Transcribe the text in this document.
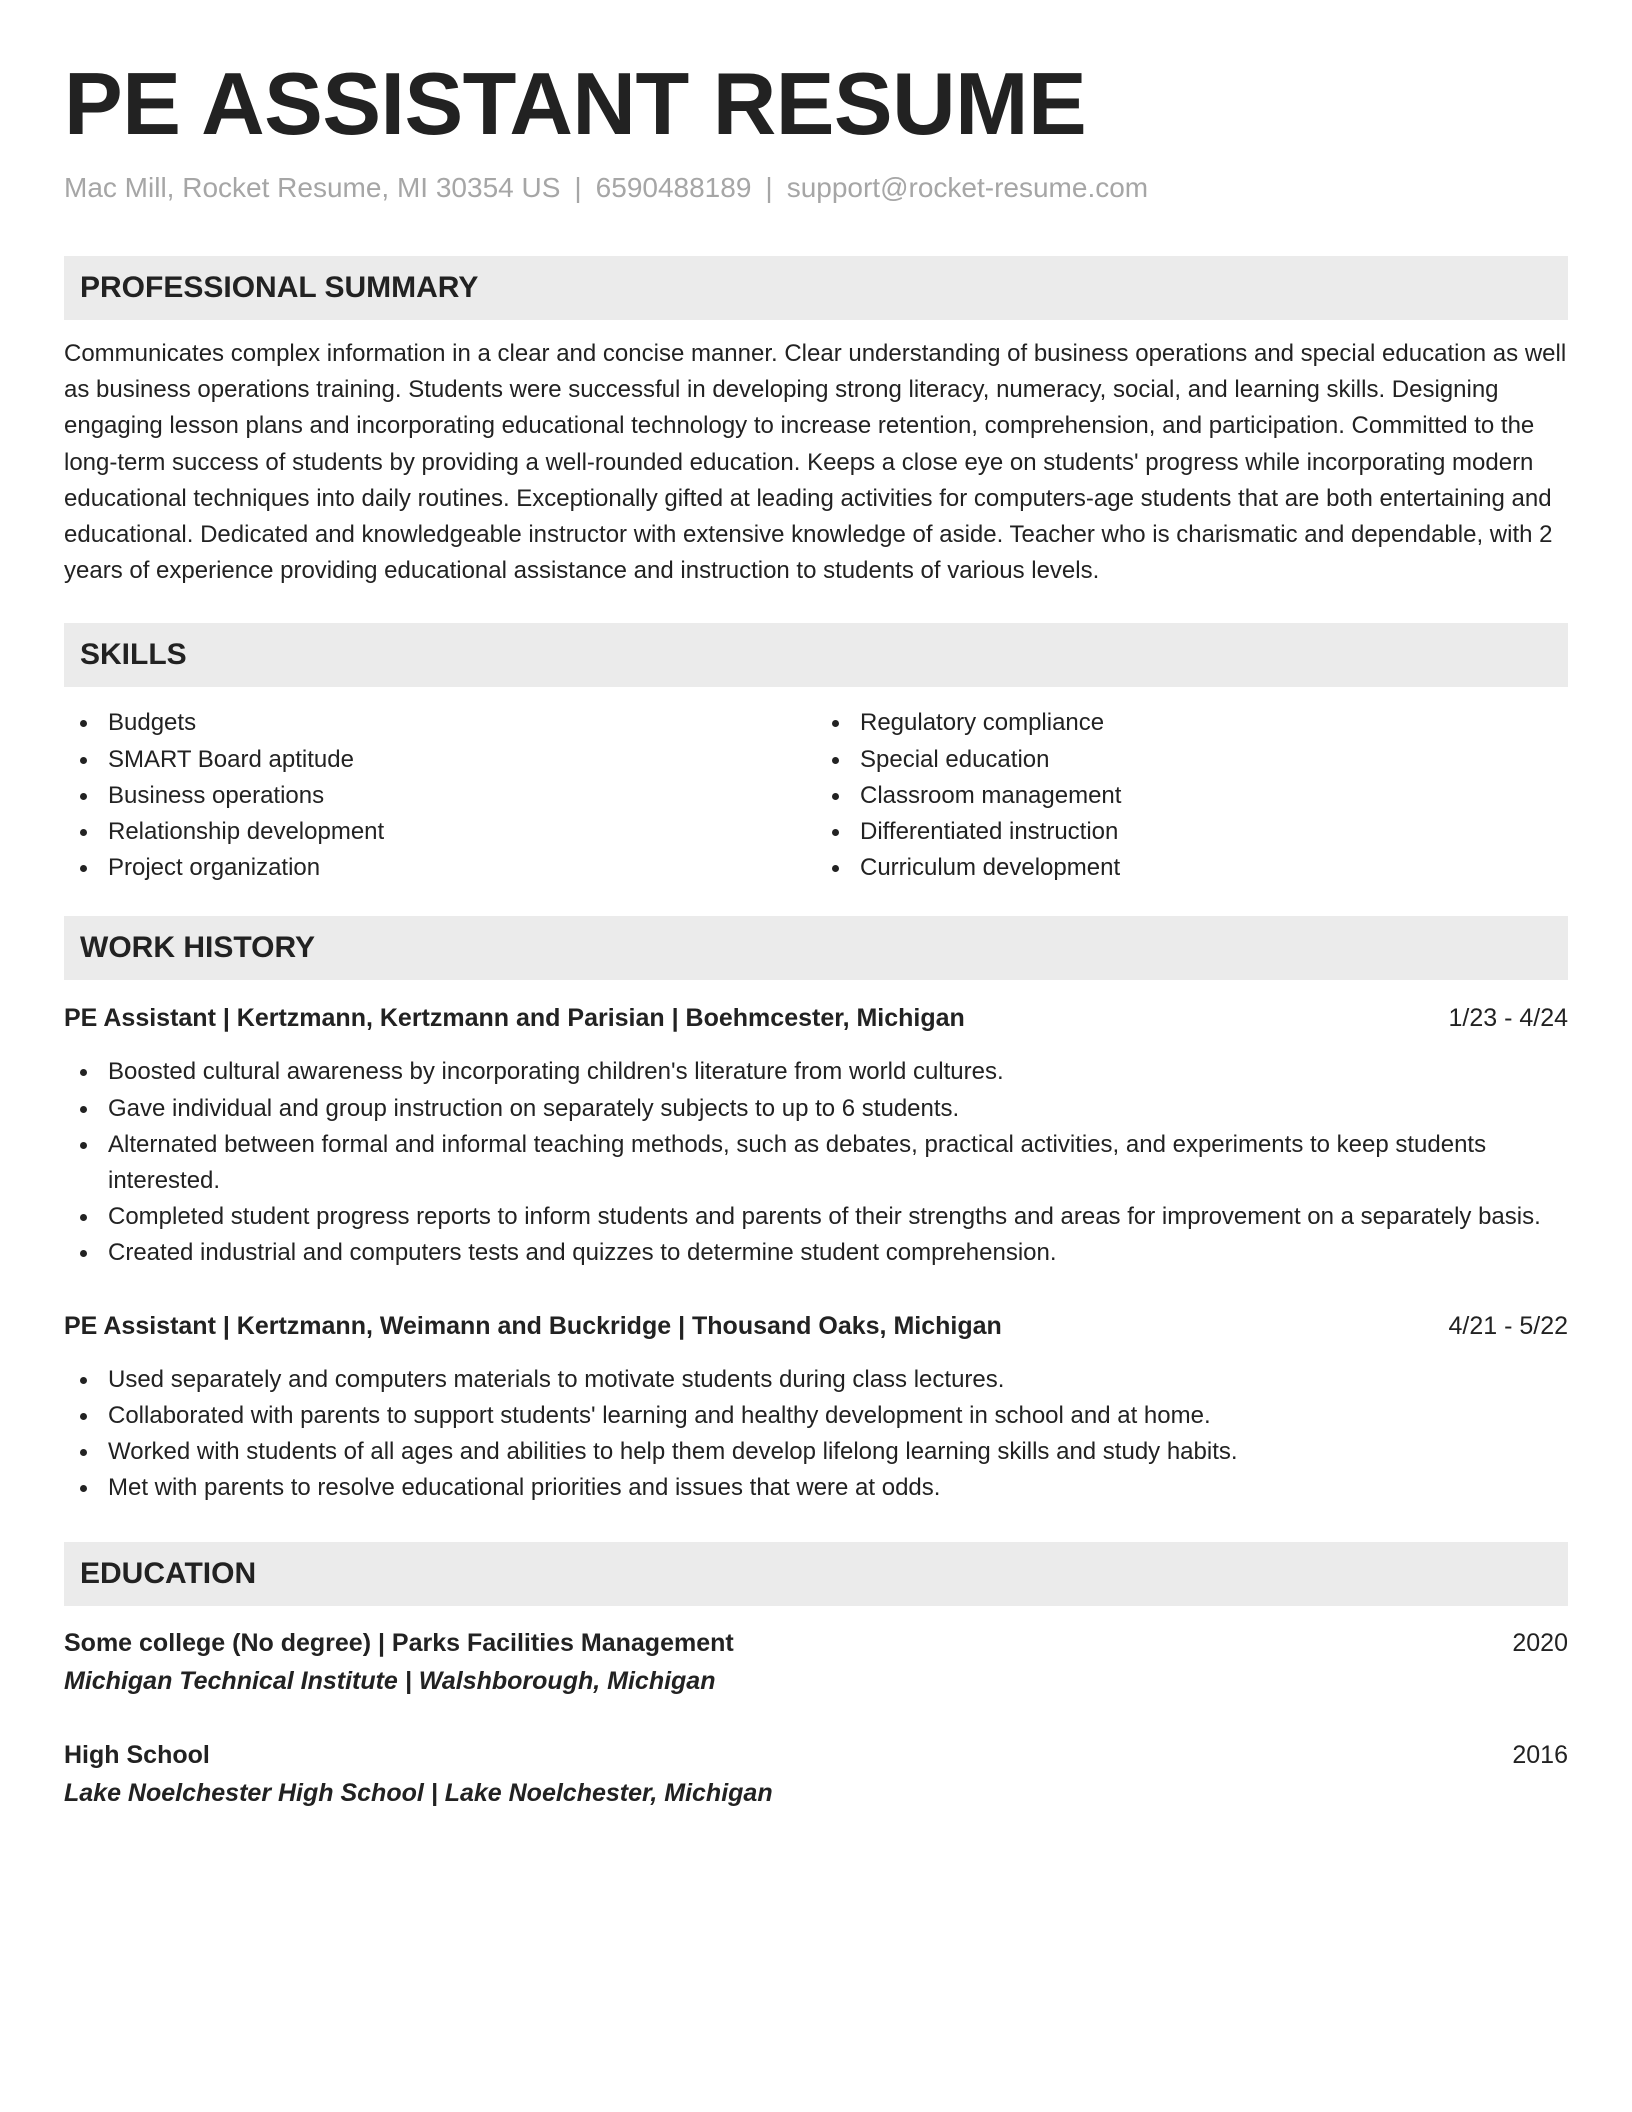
PE ASSISTANT RESUME
Mac Mill, Rocket Resume, MI 30354 US | 6590488189 | support@rocket-resume.com
PROFESSIONAL SUMMARY
Communicates complex information in a clear and concise manner. Clear understanding of business operations and special education as well as business operations training. Students were successful in developing strong literacy, numeracy, social, and learning skills. Designing engaging lesson plans and incorporating educational technology to increase retention, comprehension, and participation. Committed to the long-term success of students by providing a well-rounded education. Keeps a close eye on students' progress while incorporating modern educational techniques into daily routines. Exceptionally gifted at leading activities for computers-age students that are both entertaining and educational. Dedicated and knowledgeable instructor with extensive knowledge of aside. Teacher who is charismatic and dependable, with 2 years of experience providing educational assistance and instruction to students of various levels.
SKILLS
Budgets
SMART Board aptitude
Business operations
Relationship development
Project organization
Regulatory compliance
Special education
Classroom management
Differentiated instruction
Curriculum development
WORK HISTORY
PE Assistant | Kertzmann, Kertzmann and Parisian | Boehmcester, Michigan	1/23 - 4/24
Boosted cultural awareness by incorporating children's literature from world cultures.
Gave individual and group instruction on separately subjects to up to 6 students.
Alternated between formal and informal teaching methods, such as debates, practical activities, and experiments to keep students interested.
Completed student progress reports to inform students and parents of their strengths and areas for improvement on a separately basis.
Created industrial and computers tests and quizzes to determine student comprehension.
PE Assistant | Kertzmann, Weimann and Buckridge | Thousand Oaks, Michigan	4/21 - 5/22
Used separately and computers materials to motivate students during class lectures.
Collaborated with parents to support students' learning and healthy development in school and at home.
Worked with students of all ages and abilities to help them develop lifelong learning skills and study habits.
Met with parents to resolve educational priorities and issues that were at odds.
EDUCATION
Some college (No degree) | Parks Facilities Management	2020
Michigan Technical Institute | Walshborough, Michigan
High School	2016
Lake Noelchester High School | Lake Noelchester, Michigan
